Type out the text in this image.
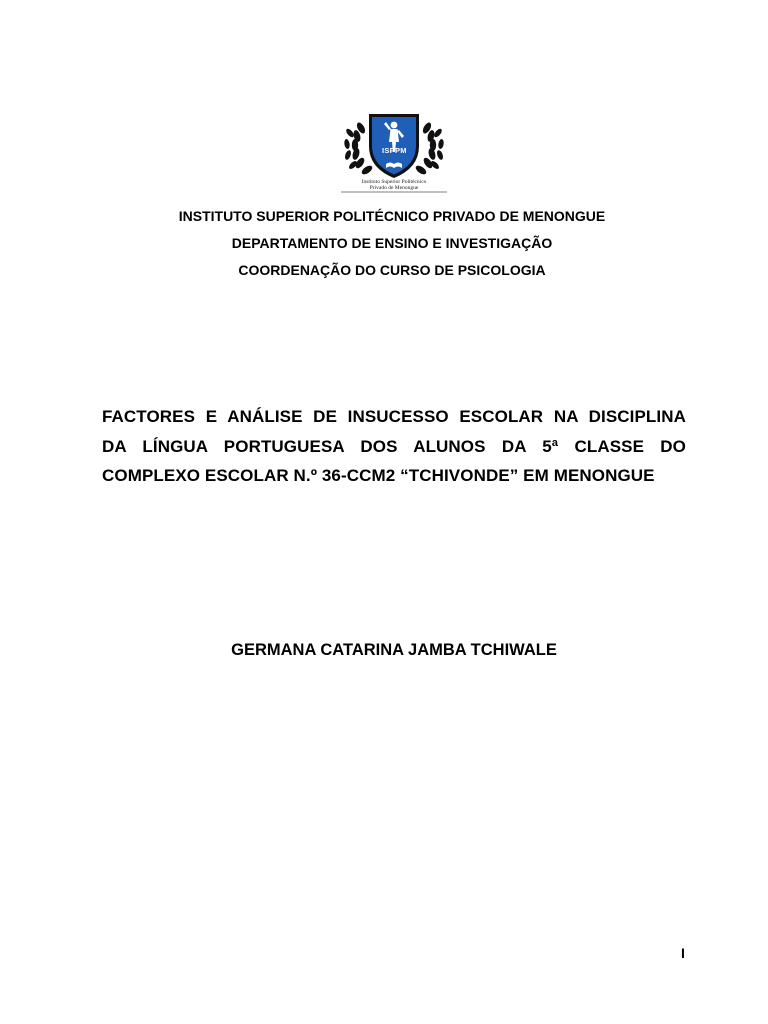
ISPPM
Instituto Superior Politécnico
Privado de Menongue

INSTITUTO SUPERIOR POLITÉCNICO PRIVADO DE MENONGUE

DEPARTAMENTO DE ENSINO E INVESTIGAÇÃO

COORDENAÇÃO DO CURSO DE PSICOLOGIA

FACTORES E ANÁLISE DE INSUCESSO ESCOLAR NA DISCIPLINA
DA LÍNGUA PORTUGUESA DOS ALUNOS DA 5ª CLASSE DO
COMPLEXO ESCOLAR N.º 36-CCM2 “TCHIVONDE” EM MENONGUE

GERMANA CATARINA JAMBA TCHIWALE

I
